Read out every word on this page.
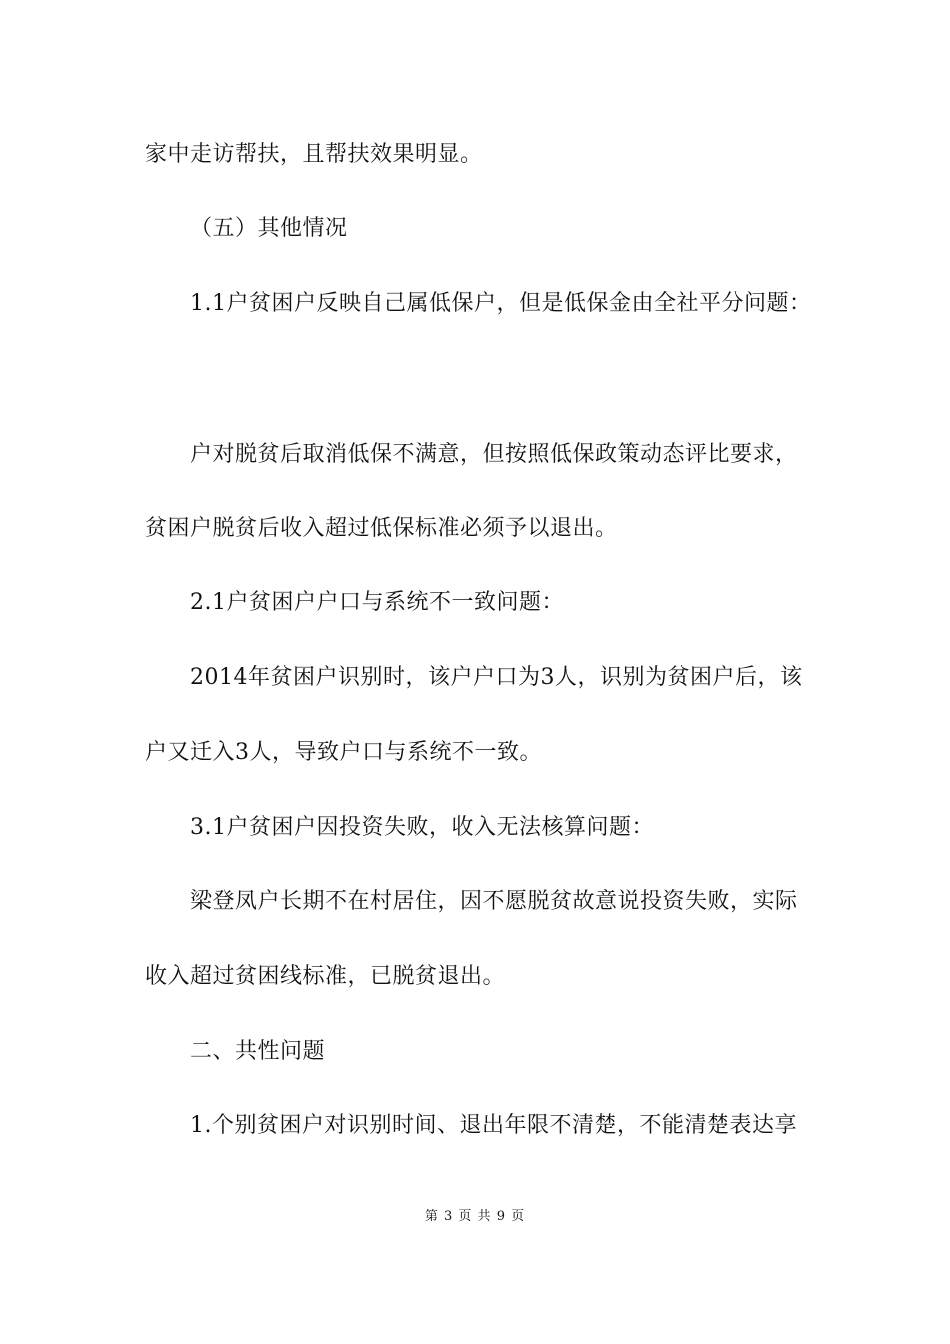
家中走访帮扶，且帮扶效果明显。
（五）其他情况
1.1户贫困户反映自己属低保户，但是低保金由全社平分问题：
户对脱贫后取消低保不满意，但按照低保政策动态评比要求，
贫困户脱贫后收入超过低保标准必须予以退出。
2.1户贫困户户口与系统不一致问题：
2014年贫困户识别时，该户户口为3人，识别为贫困户后，该
户又迁入3人，导致户口与系统不一致。
3.1户贫困户因投资失败，收入无法核算问题：
梁登凤户长期不在村居住，因不愿脱贫故意说投资失败，实际
收入超过贫困线标准，已脱贫退出。
二、共性问题
1.个别贫困户对识别时间、退出年限不清楚，不能清楚表达享
第 3 页 共 9 页
